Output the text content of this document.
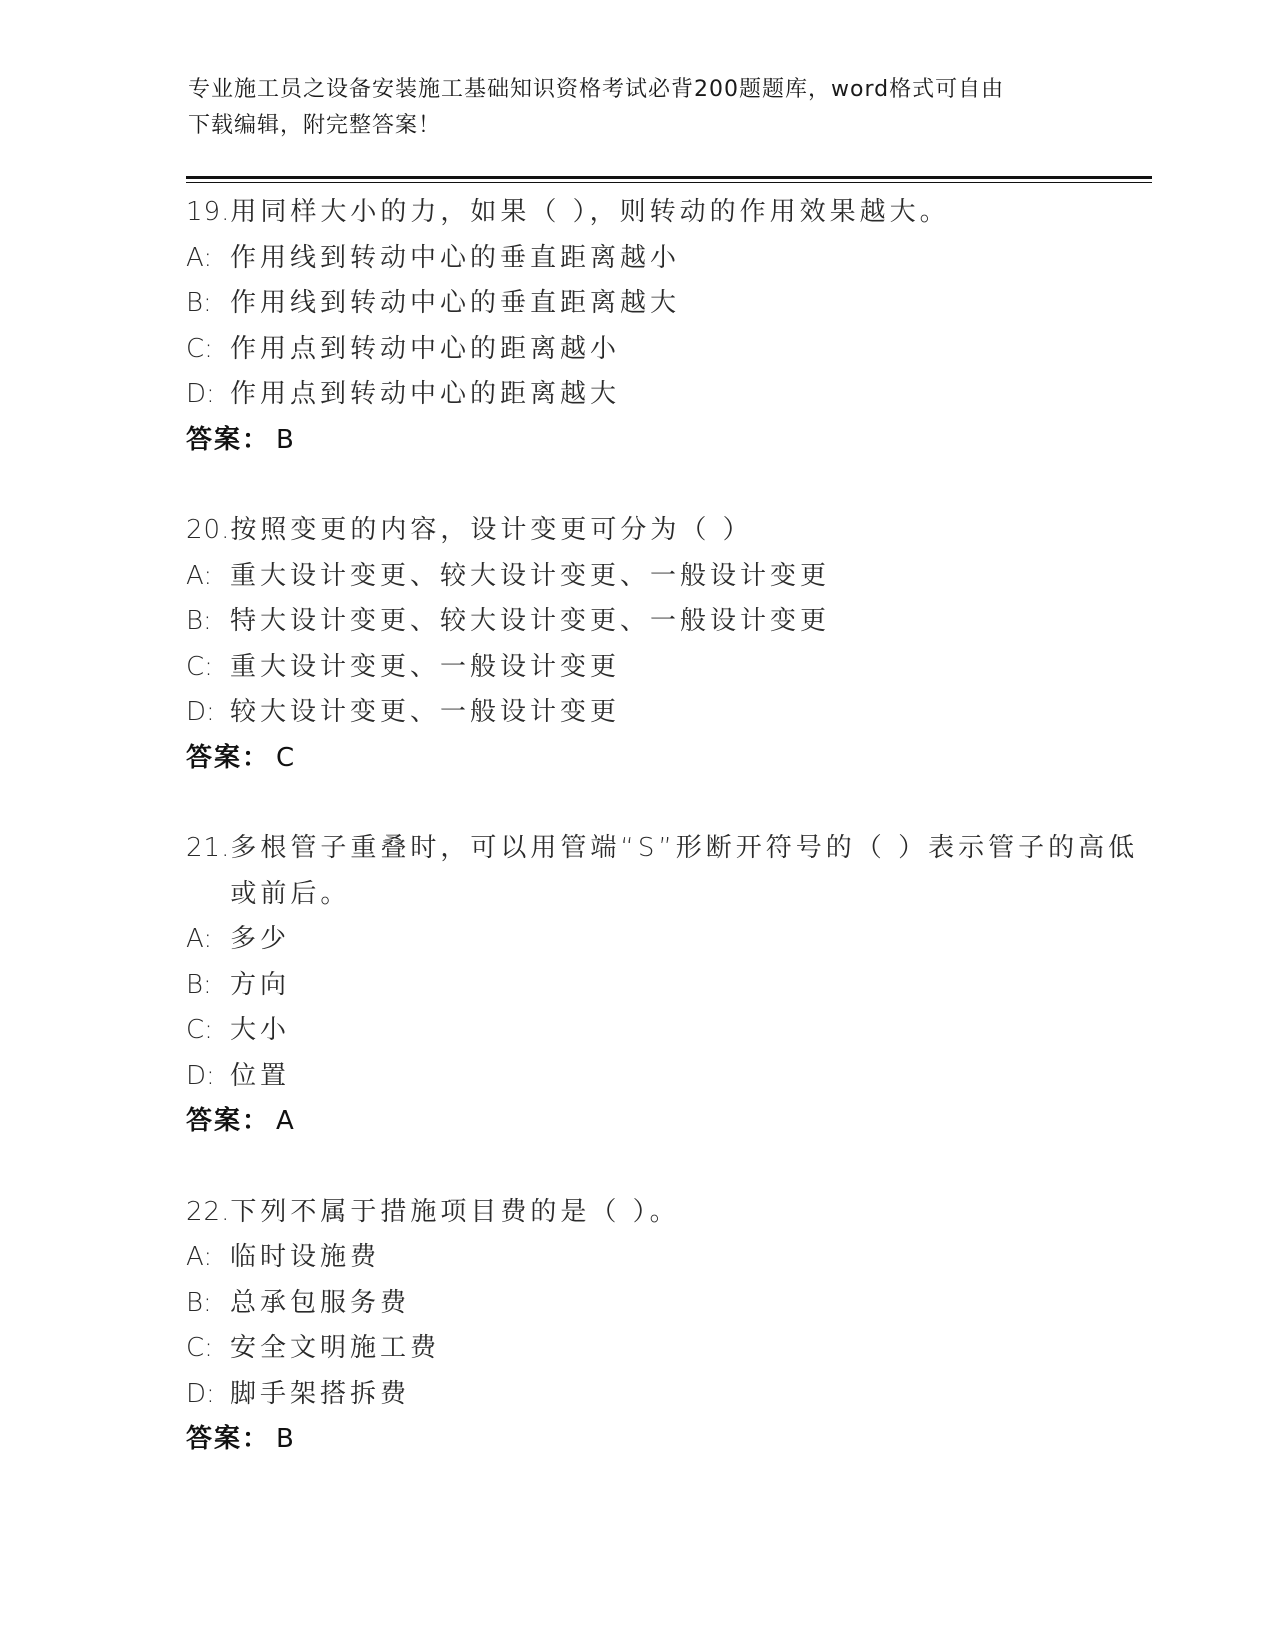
专业施工员之设备安装施工基础知识资格考试必背200题题库，word格式可自由
下载编辑，附完整答案！
19. 用同样大小的力，如果（ ），则转动的作用效果越大。
A: 作用线到转动中心的垂直距离越小
B: 作用线到转动中心的垂直距离越大
C: 作用点到转动中心的距离越小
D: 作用点到转动中心的距离越大
答案： B
20. 按照变更的内容，设计变更可分为（ ）
A: 重大设计变更、较大设计变更、一般设计变更
B: 特大设计变更、较大设计变更、一般设计变更
C: 重大设计变更、一般设计变更
D: 较大设计变更、一般设计变更
答案： C
21. 多根管子重叠时，可以用管端“S”形断开符号的（ ）表示管子的高低或前后。
A: 多少
B: 方向
C: 大小
D: 位置
答案： A
22. 下列不属于措施项目费的是（ ）。
A: 临时设施费
B: 总承包服务费
C: 安全文明施工费
D: 脚手架搭拆费
答案： B
